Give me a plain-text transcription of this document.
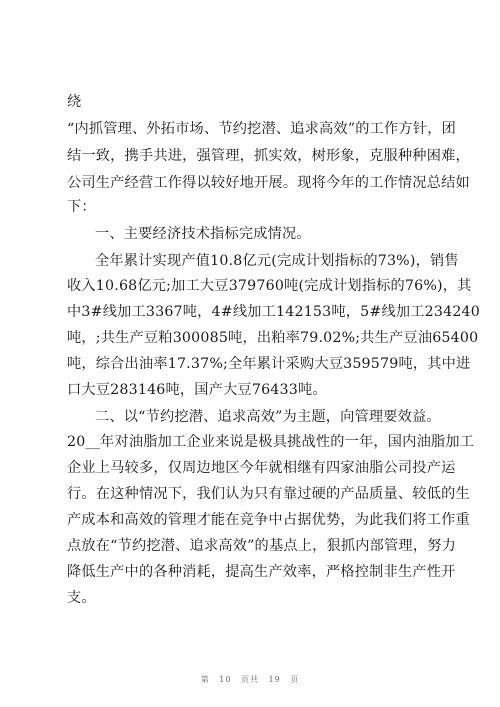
绕
“内抓管理、外拓市场、节约挖潜、追求高效”的工作方针，团
结一致，携手共进，强管理，抓实效，树形象，克服种种困难，
公司生产经营工作得以较好地开展。现将今年的工作情况总结如
下：
一、主要经济技术指标完成情况。
全年累计实现产值10.8亿元(完成计划指标的73%)，销售
收入10.68亿元;加工大豆379760吨(完成计划指标的76%)，其
中3#线加工3367吨，4#线加工142153吨，5#线加工234240
吨，;共生产豆粕300085吨，出粕率79.02%;共生产豆油65400
吨，综合出油率17.37%;全年累计采购大豆359579吨，其中进
口大豆283146吨，国产大豆76433吨。
二、以“节约挖潜、追求高效”为主题，向管理要效益。
20__年对油脂加工企业来说是极具挑战性的一年，国内油脂加工
企业上马较多，仅周边地区今年就相继有四家油脂公司投产运
行。在这种情况下，我们认为只有靠过硬的产品质量、较低的生
产成本和高效的管理才能在竞争中占据优势，为此我们将工作重
点放在“节约挖潜、追求高效”的基点上，狠抓内部管理，努力
降低生产中的各种消耗，提高生产效率，严格控制非生产性开
支。
第 10 页共 19 页
